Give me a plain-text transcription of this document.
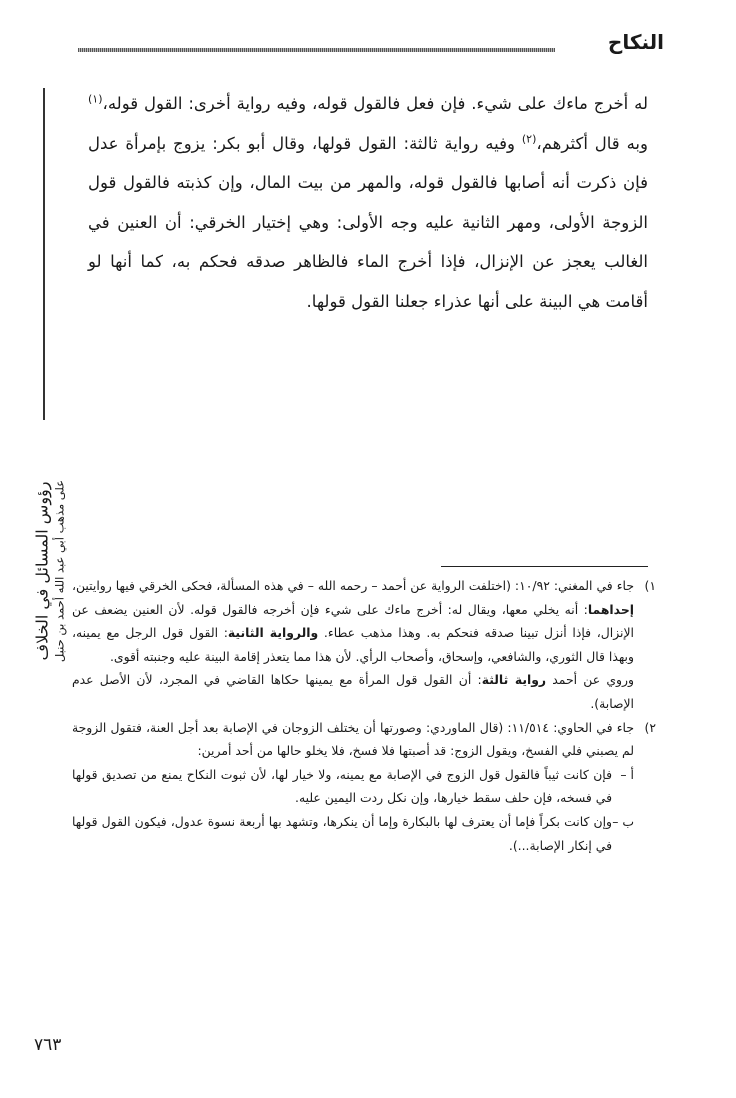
النكاح
رؤوس المسائل في الخلاف على مذهب أبي عبد الله أحمد بن حنبل

له أخرج ماءك على شيء. فإن فعل فالقول قوله، وفيه رواية أخرى: القول قوله،$^{(١)}$ وبه قال أكثرهم،$^{(٢)}$ وفيه رواية ثالثة: القول قولها، وقال أبو بكر: يزوج بإمرأة عدل فإن ذكرت أنه أصابها فالقول قوله، والمهر من بيت المال، وإن كذبته فالقول قول الزوجة الأولى، ومهر الثانية عليه وجه الأولى: وهي إختيار الخرقي: أن العنين في الغالب يعجز عن الإنزال، فإذا أخرج الماء فالظاهر صدقه فحكم به، كما أنها لو أقامت هي البينة على أنها عذراء جعلنا القول قولها.

١)

جاء في المغني: ١٠/٩٢: (اختلفت الرواية عن أحمد – رحمه الله – في هذه المسألة، فحكى الخرقي فيها روايتين، إحداهما: أنه يخلي معها، ويقال له: أخرج ماءك على شيء فإن أخرجه فالقول قوله. لأن العنين يضعف عن الإنزال، فإذا أنزل تبينا صدقه فنحكم به. وهذا مذهب عطاء. والرواية الثانية: القول قول الرجل مع يمينه، وبهذا قال الثوري، والشافعي، وإسحاق، وأصحاب الرأي. لأن هذا مما يتعذر إقامة البينة عليه وجنبته أقوى.

وروي عن أحمد رواية ثالثة: أن القول قول المرأة مع يمينها حكاها القاضي في المجرد، لأن الأصل عدم الإصابة).

٢)

جاء في الحاوي: ١١/٥١٤: (قال الماوردي: وصورتها أن يختلف الزوجان في الإصابة بعد أجل العنة، فتقول الزوجة لم يصبني فلي الفسخ، ويقول الزوج: قد أصبتها فلا فسخ، فلا يخلو حالها من أحد أمرين:

أ –
فإن كانت ثيباً فالقول قول الزوج في الإصابة مع يمينه، ولا خيار لها، لأن ثبوت النكاح يمنع من تصديق قولها في فسخه، فإن حلف سقط خيارها، وإن نكل ردت اليمين عليه.
ب –
وإن كانت بكراً فإما أن يعترف لها بالبكارة وإما أن ينكرها، وتشهد بها أربعة نسوة عدول، فيكون القول قولها في إنكار الإصابة...).
٧٦٣
